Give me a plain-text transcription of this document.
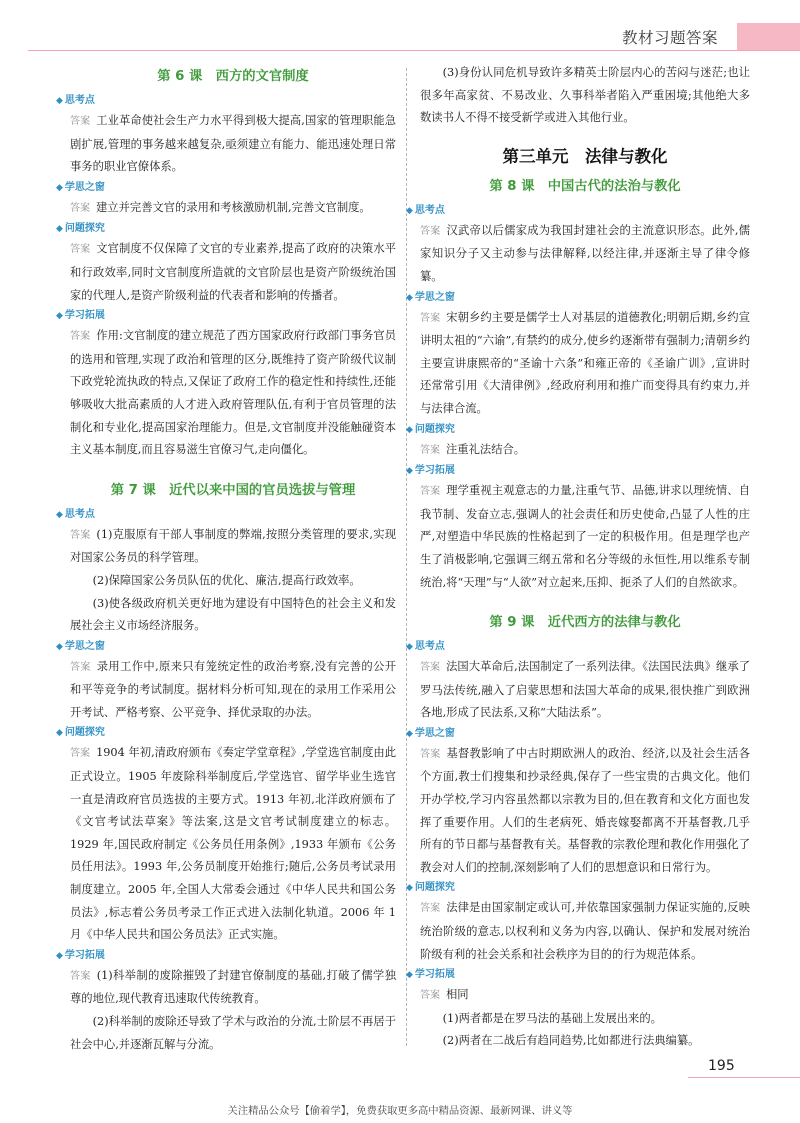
教材习题答案
第 6 课　西方的文官制度
◆ 思考点
答案 工业革命使社会生产力水平得到极大提高,国家的管理职能急剧扩展,管理的事务越来越复杂,亟须建立有能力、能迅速处理日常事务的职业官僚体系。
◆ 学思之窗
答案 建立并完善文官的录用和考核激励机制,完善文官制度。
◆ 问题探究
答案 文官制度不仅保障了文官的专业素养,提高了政府的决策水平和行政效率,同时文官制度所造就的文官阶层也是资产阶级统治国家的代理人,是资产阶级利益的代表者和影响的传播者。
◆ 学习拓展
答案 作用:文官制度的建立规范了西方国家政府行政部门事务官员的选用和管理,实现了政治和管理的区分,既维持了资产阶级代议制下政党轮流执政的特点,又保证了政府工作的稳定性和持续性,还能够吸收大批高素质的人才进入政府管理队伍,有利于官员管理的法制化和专业化,提高国家治理能力。但是,文官制度并没能触碰资本主义基本制度,而且容易滋生官僚习气,走向僵化。
第 7 课　近代以来中国的官员选拔与管理
◆ 思考点
答案 (1)克服原有干部人事制度的弊端,按照分类管理的要求,实现对国家公务员的科学管理。
(2)保障国家公务员队伍的优化、廉洁,提高行政效率。
(3)使各级政府机关更好地为建设有中国特色的社会主义和发展社会主义市场经济服务。
◆ 学思之窗
答案 录用工作中,原来只有笼统定性的政治考察,没有完善的公开和平等竞争的考试制度。据材料分析可知,现在的录用工作采用公开考试、严格考察、公平竞争、择优录取的办法。
◆ 问题探究
答案 1904 年初,清政府颁布《奏定学堂章程》,学堂选官制度由此正式设立。1905 年废除科举制度后,学堂选官、留学毕业生选官一直是清政府官员选拔的主要方式。1913 年初,北洋政府颁布了《文官考试法草案》等法案,这是文官考试制度建立的标志。1929 年,国民政府制定《公务员任用条例》,1933 年颁布《公务员任用法》。1993 年,公务员制度开始推行;随后,公务员考试录用制度建立。2005 年,全国人大常委会通过《中华人民共和国公务员法》,标志着公务员考录工作正式进入法制化轨道。2006 年 1 月《中华人民共和国公务员法》正式实施。
◆ 学习拓展
答案 (1)科举制的废除摧毁了封建官僚制度的基础,打破了儒学独尊的地位,现代教育迅速取代传统教育。
(2)科举制的废除还导致了学术与政治的分流,士阶层不再居于社会中心,并逐渐瓦解与分流。
(3)身份认同危机导致许多精英士阶层内心的苦闷与迷茫;也让很多年高家贫、不易改业、久事科举者陷入严重困境;其他绝大多数读书人不得不接受新学或进入其他行业。
第三单元　法律与教化
第 8 课　中国古代的法治与教化
◆ 思考点
答案 汉武帝以后儒家成为我国封建社会的主流意识形态。此外,儒家知识分子又主动参与法律解释,以经注律,并逐渐主导了律令修纂。
◆ 学思之窗
答案 宋朝乡约主要是儒学士人对基层的道德教化;明朝后期,乡约宣讲明太祖的“六谕”,有禁约的成分,使乡约逐渐带有强制力;清朝乡约主要宣讲康熙帝的“圣谕十六条”和雍正帝的《圣谕广训》,宣讲时还常常引用《大清律例》,经政府利用和推广而变得具有约束力,并与法律合流。
◆ 问题探究
答案 注重礼法结合。
◆ 学习拓展
答案 理学重视主观意志的力量,注重气节、品德,讲求以理统情、自我节制、发奋立志,强调人的社会责任和历史使命,凸显了人性的庄严,对塑造中华民族的性格起到了一定的积极作用。但是理学也产生了消极影响,它强调三纲五常和名分等级的永恒性,用以维系专制统治,将“天理”与“人欲”对立起来,压抑、扼杀了人们的自然欲求。
第 9 课　近代西方的法律与教化
◆ 思考点
答案 法国大革命后,法国制定了一系列法律。《法国民法典》继承了罗马法传统,融入了启蒙思想和法国大革命的成果,很快推广到欧洲各地,形成了民法系,又称“大陆法系”。
◆ 学思之窗
答案 基督教影响了中古时期欧洲人的政治、经济,以及社会生活各个方面,教士们搜集和抄录经典,保存了一些宝贵的古典文化。他们开办学校,学习内容虽然都以宗教为目的,但在教育和文化方面也发挥了重要作用。人们的生老病死、婚丧嫁娶都离不开基督教,几乎所有的节日都与基督教有关。基督教的宗教伦理和教化作用强化了教会对人们的控制,深刻影响了人们的思想意识和日常行为。
◆ 问题探究
答案 法律是由国家制定或认可,并依靠国家强制力保证实施的,反映统治阶级的意志,以权利和义务为内容,以确认、保护和发展对统治阶级有利的社会关系和社会秩序为目的的行为规范体系。
◆ 学习拓展
答案 相同
(1)两者都是在罗马法的基础上发展出来的。
(2)两者在二战后有趋同趋势,比如都进行法典编纂。
195
关注精品公众号【偷着学】，免费获取更多高中精品资源、最新网课、讲义等
